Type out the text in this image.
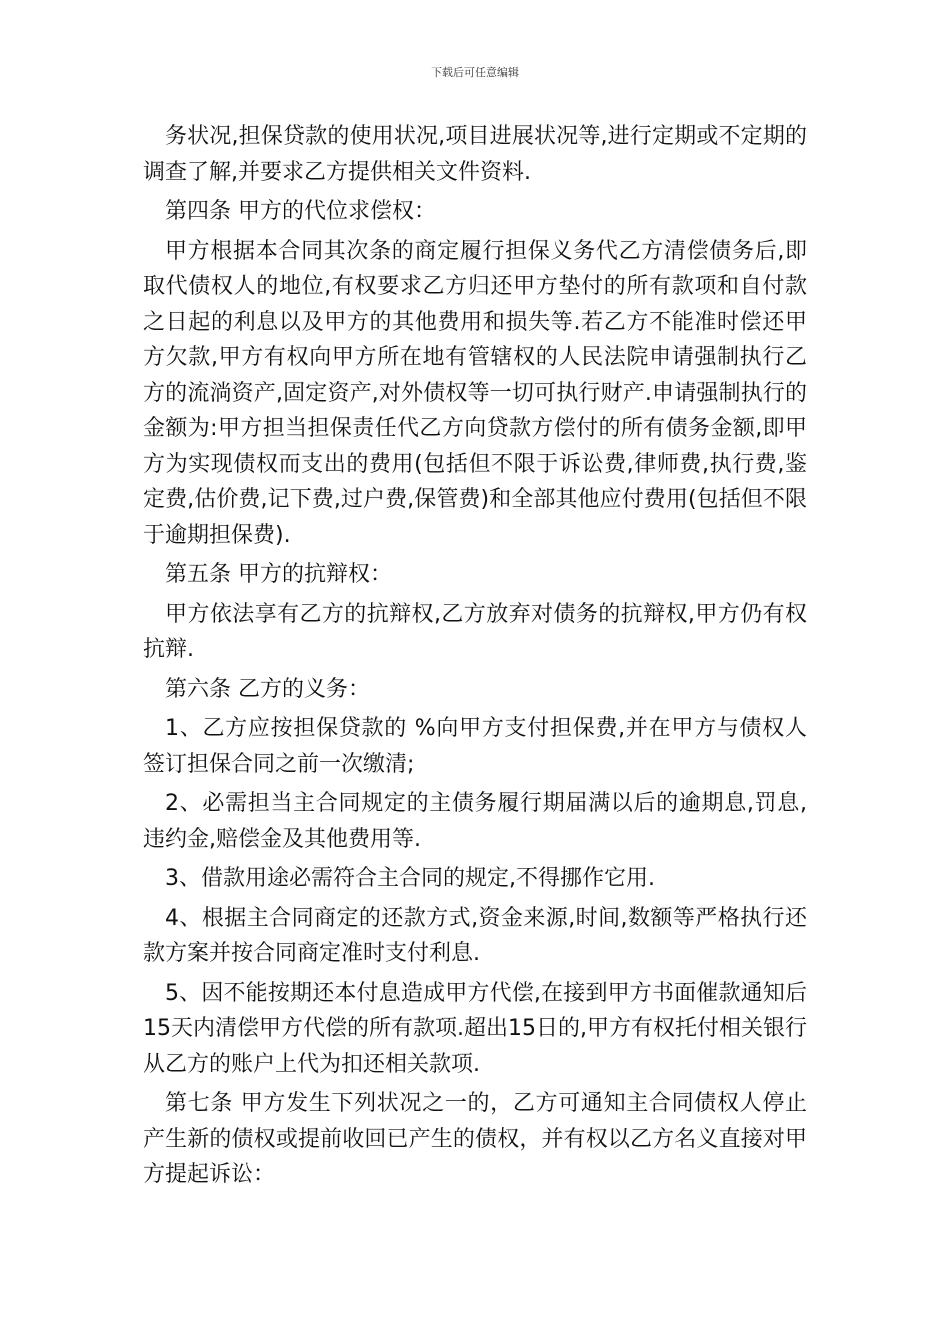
下载后可任意编辑

务状况,担保贷款的使用状况,项目进展状况等,进行定期或不定期的调查了解,并要求乙方提供相关文件资料.

第四条 甲方的代位求偿权：

甲方根据本合同其次条的商定履行担保义务代乙方清偿债务后,即取代债权人的地位,有权要求乙方归还甲方垫付的所有款项和自付款之日起的利息以及甲方的其他费用和损失等.若乙方不能准时偿还甲方欠款,甲方有权向甲方所在地有管辖权的人民法院申请强制执行乙方的流淌资产,固定资产,对外债权等一切可执行财产.申请强制执行的金额为:甲方担当担保责任代乙方向贷款方偿付的所有债务金额,即甲方为实现债权而支出的费用(包括但不限于诉讼费,律师费,执行费,鉴定费,估价费,记下费,过户费,保管费)和全部其他应付费用(包括但不限于逾期担保费).

第五条 甲方的抗辩权：

甲方依法享有乙方的抗辩权,乙方放弃对债务的抗辩权,甲方仍有权抗辩.

第六条 乙方的义务：

1、乙方应按担保贷款的 %向甲方支付担保费,并在甲方与债权人签订担保合同之前一次缴清;

2、必需担当主合同规定的主债务履行期届满以后的逾期息,罚息,违约金,赔偿金及其他费用等.

3、借款用途必需符合主合同的规定,不得挪作它用.

4、根据主合同商定的还款方式,资金来源,时间,数额等严格执行还款方案并按合同商定准时支付利息.

5、因不能按期还本付息造成甲方代偿,在接到甲方书面催款通知后15天内清偿甲方代偿的所有款项.超出15日的,甲方有权托付相关银行从乙方的账户上代为扣还相关款项.

第七条 甲方发生下列状况之一的，乙方可通知主合同债权人停止产生新的债权或提前收回已产生的债权，并有权以乙方名义直接对甲方提起诉讼：
